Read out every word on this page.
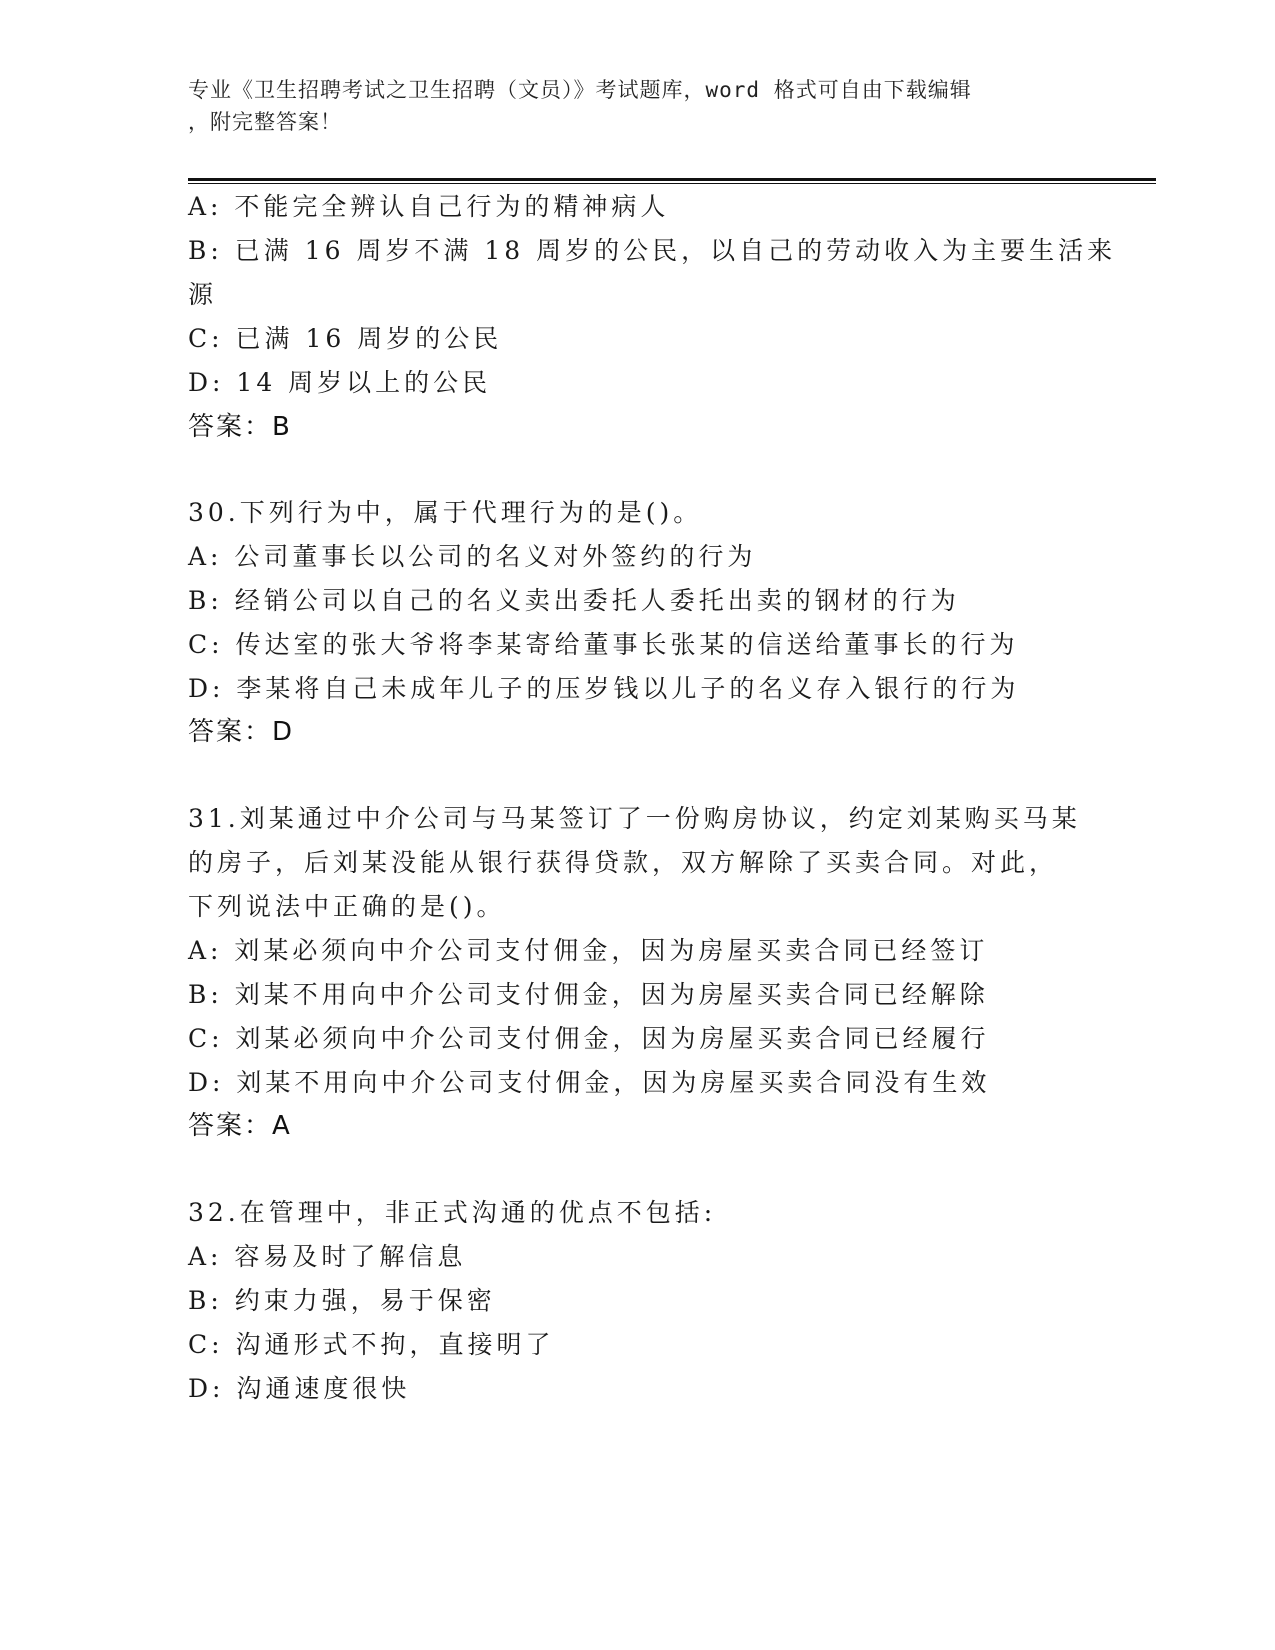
专业《卫生招聘考试之卫生招聘（文员）》考试题库，word 格式可自由下载编辑
，附完整答案！
A: 不能完全辨认自己行为的精神病人
B: 已满 16 周岁不满 18 周岁的公民，以自己的劳动收入为主要生活来
源
C: 已满 16 周岁的公民
D: 14 周岁以上的公民
答案：B
30.下列行为中，属于代理行为的是()。
A: 公司董事长以公司的名义对外签约的行为
B: 经销公司以自己的名义卖出委托人委托出卖的钢材的行为
C: 传达室的张大爷将李某寄给董事长张某的信送给董事长的行为
D: 李某将自己未成年儿子的压岁钱以儿子的名义存入银行的行为
答案：D
31.刘某通过中介公司与马某签订了一份购房协议，约定刘某购买马某
的房子，后刘某没能从银行获得贷款，双方解除了买卖合同。对此，
下列说法中正确的是()。
A: 刘某必须向中介公司支付佣金，因为房屋买卖合同已经签订
B: 刘某不用向中介公司支付佣金，因为房屋买卖合同已经解除
C: 刘某必须向中介公司支付佣金，因为房屋买卖合同已经履行
D: 刘某不用向中介公司支付佣金，因为房屋买卖合同没有生效
答案：A
32.在管理中，非正式沟通的优点不包括:
A: 容易及时了解信息
B: 约束力强，易于保密
C: 沟通形式不拘，直接明了
D: 沟通速度很快
